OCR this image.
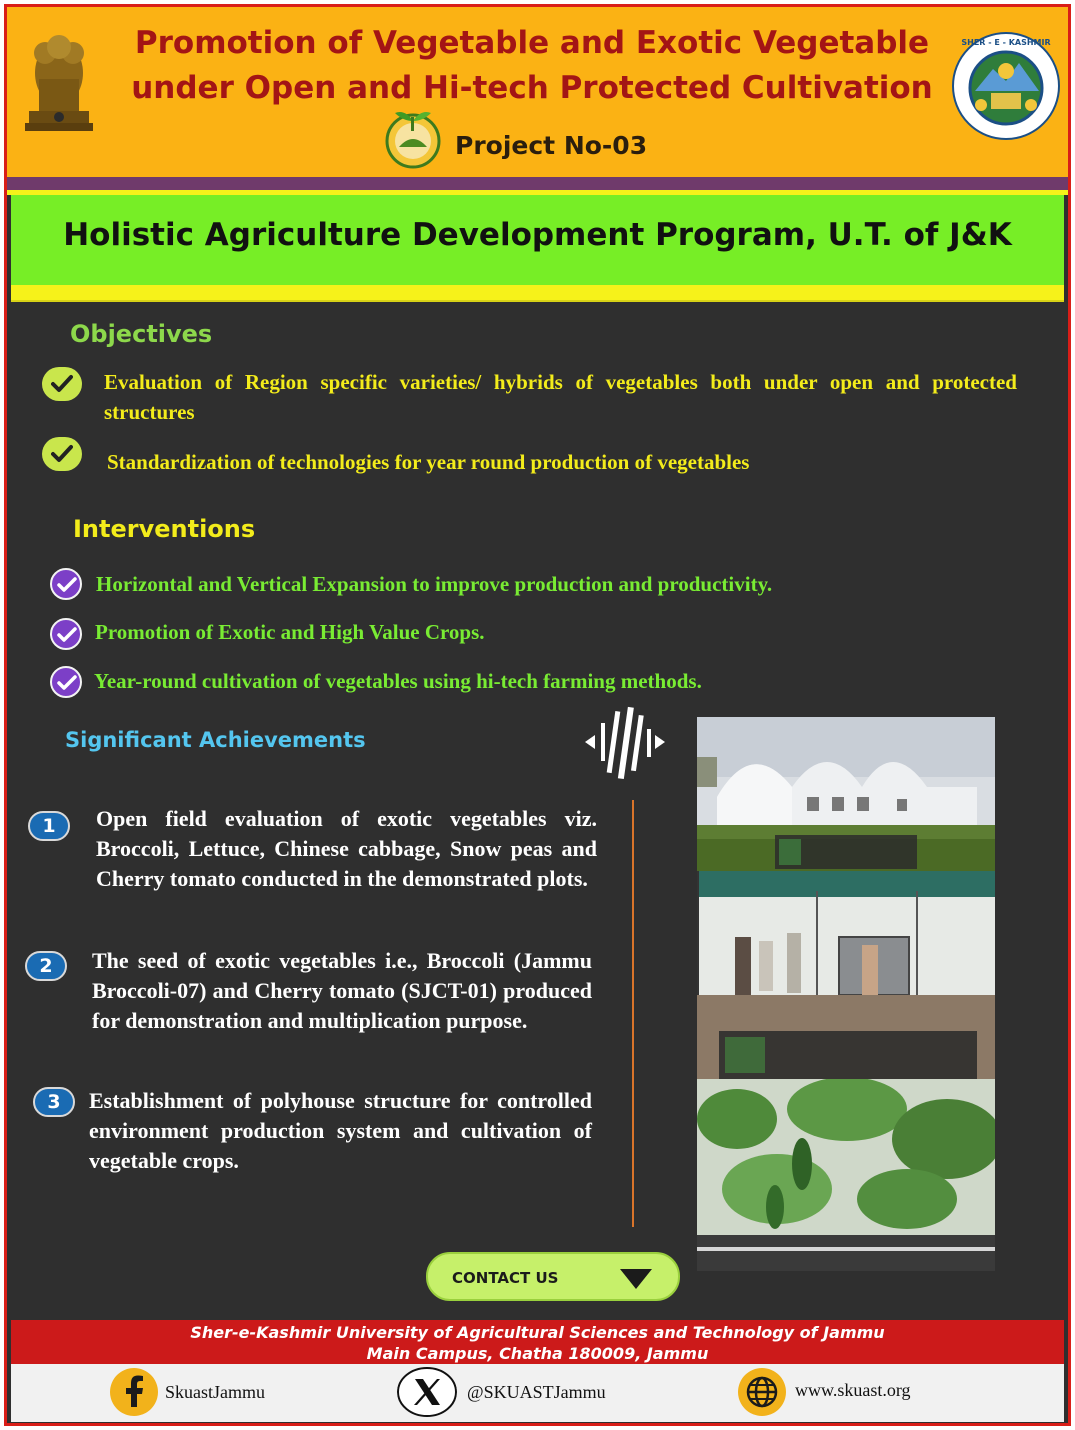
Promotion of Vegetable and Exotic Vegetable
under Open and Hi-tech Protected Cultivation
Project No-03
SHER - E - KASHMIR
Holistic Agriculture Development Program, U.T. of J&K
Objectives
Evaluation of Region specific varieties/ hybrids of vegetables both under open and protected structures
Standardization of technologies for year round production of vegetables
Interventions
Horizontal and Vertical Expansion to improve production and productivity.
Promotion of Exotic and High Value Crops.
Year-round cultivation of vegetables using hi-tech farming methods.
Significant Achievements
1	Open field evaluation of exotic vegetables viz. Broccoli, Lettuce, Chinese cabbage, Snow peas and Cherry tomato conducted in the demonstrated plots.
2	The seed of exotic vegetables i.e., Broccoli (Jammu Broccoli-07) and Cherry tomato (SJCT-01) produced for demonstration and multiplication purpose.
3	Establishment of polyhouse structure for controlled environment production system and cultivation of vegetable crops.
CONTACT US
Sher-e-Kashmir University of Agricultural Sciences and Technology of Jammu
Main Campus, Chatha 180009, Jammu
SkuastJammu	@SKUASTJammu	www.skuast.org
